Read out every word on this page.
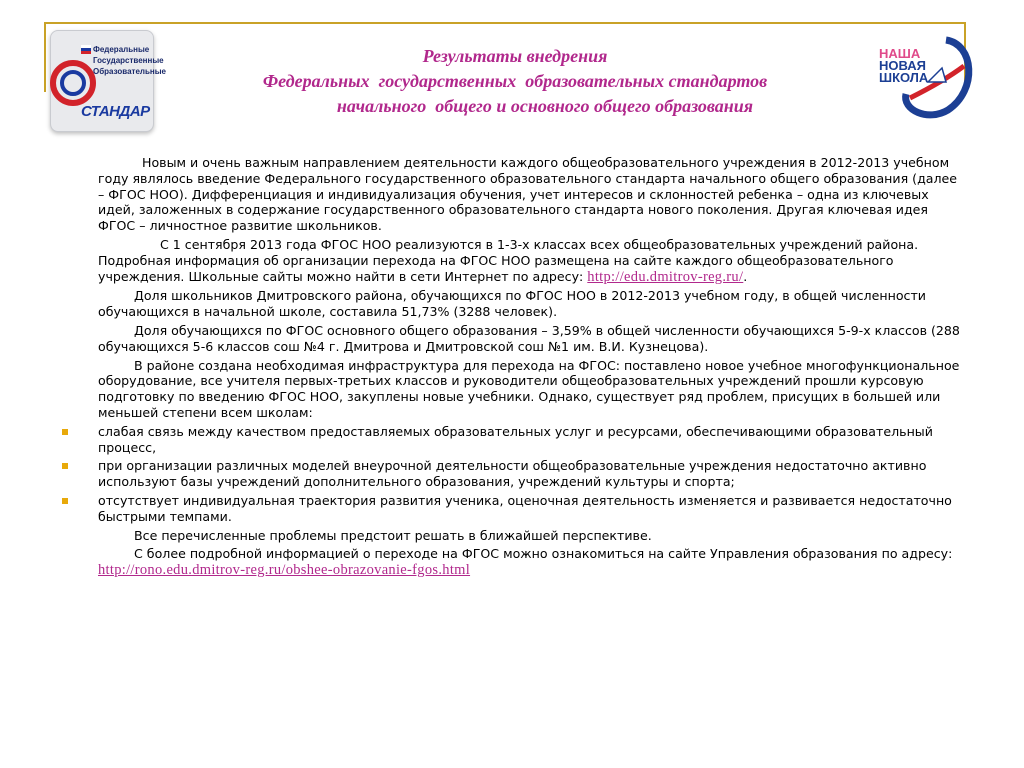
Федеральные
Государственные
Образовательные
СТАНДАР
Результаты внедрения
Федеральных  государственных  образовательных стандартов
начального  общего и основного общего образования
НАША
НОВАЯ
ШКОЛА

Новым и очень важным направлением деятельности каждого общеобразовательного учреждения в 2012-2013 учебном году являлось введение Федерального государственного образовательного стандарта начального общего образования (далее – ФГОС НОО). Дифференциация и индивидуализация обучения, учет интересов и склонностей ребенка – одна из ключевых идей, заложенных в содержание государственного образовательного стандарта нового поколения. Другая ключевая идея ФГОС – личностное развитие школьников.

С 1 сентября 2013 года ФГОС НОО реализуются в 1-3-х классах всех общеобразовательных учреждений района. Подробная информация об организации перехода на ФГОС НОО размещена на сайте каждого общеобразовательного учреждения. Школьные сайты можно найти в сети Интернет по адресу: http://edu.dmitrov-reg.ru/.

Доля школьников Дмитровского района, обучающихся по ФГОС НОО в 2012-2013 учебном году, в общей численности обучающихся в начальной школе, составила 51,73% (3288 человек).

Доля обучающихся по ФГОС основного общего образования – 3,59% в общей численности обучающихся 5-9-х классов (288 обучающихся 5-6 классов сош №4 г. Дмитрова и Дмитровской сош №1 им. В.И. Кузнецова).

В районе создана необходимая инфраструктура для перехода на ФГОС: поставлено новое учебное многофункциональное оборудование, все учителя первых-третьих классов и руководители общеобразовательных учреждений прошли курсовую подготовку по введению ФГОС НОО, закуплены новые учебники. Однако, существует ряд проблем, присущих в большей или меньшей степени всем школам:

слабая связь между качеством предоставляемых образовательных услуг и ресурсами, обеспечивающими образовательный процесс,

при организации различных моделей внеурочной деятельности общеобразовательные учреждения недостаточно активно используют базы учреждений дополнительного образования, учреждений культуры и спорта;

отсутствует индивидуальная траектория развития ученика, оценочная деятельность изменяется и развивается недостаточно быстрыми темпами.

Все перечисленные проблемы предстоит решать в ближайшей перспективе.

С более подробной информацией о переходе на ФГОС можно ознакомиться на сайте Управления образования по адресу: http://rono.edu.dmitrov-reg.ru/obshee-obrazovanie-fgos.html
